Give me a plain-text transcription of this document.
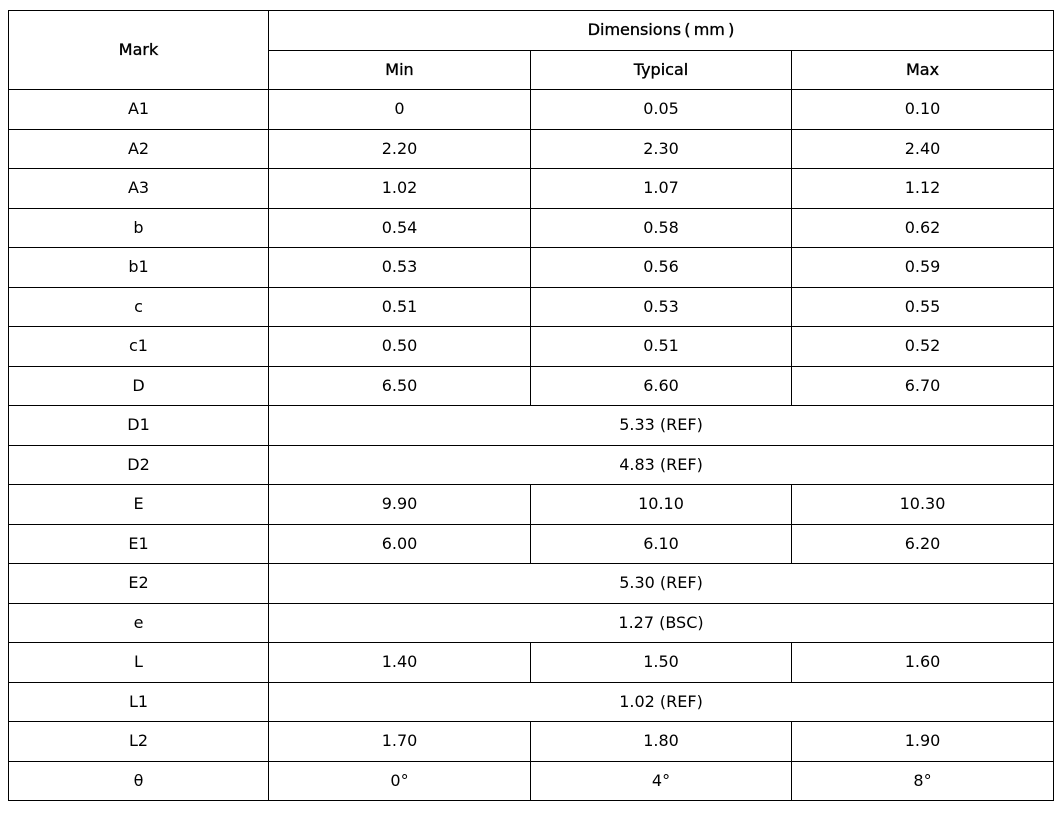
Mark	Dimensions ( mm )		
	Min	Typical	Max
A1	0	0.05	0.10
A2	2.20	2.30	2.40
A3	1.02	1.07	1.12
b	0.54	0.58	0.62
b1	0.53	0.56	0.59
c	0.51	0.53	0.55
c1	0.50	0.51	0.52
D	6.50	6.60	6.70
D1	5.33 (REF)		
D2	4.83 (REF)		
E	9.90	10.10	10.30
E1	6.00	6.10	6.20
E2	5.30 (REF)		
e	1.27 (BSC)		
L	1.40	1.50	1.60
L1	1.02 (REF)		
L2	1.70	1.80	1.90
θ	0°	4°	8°
